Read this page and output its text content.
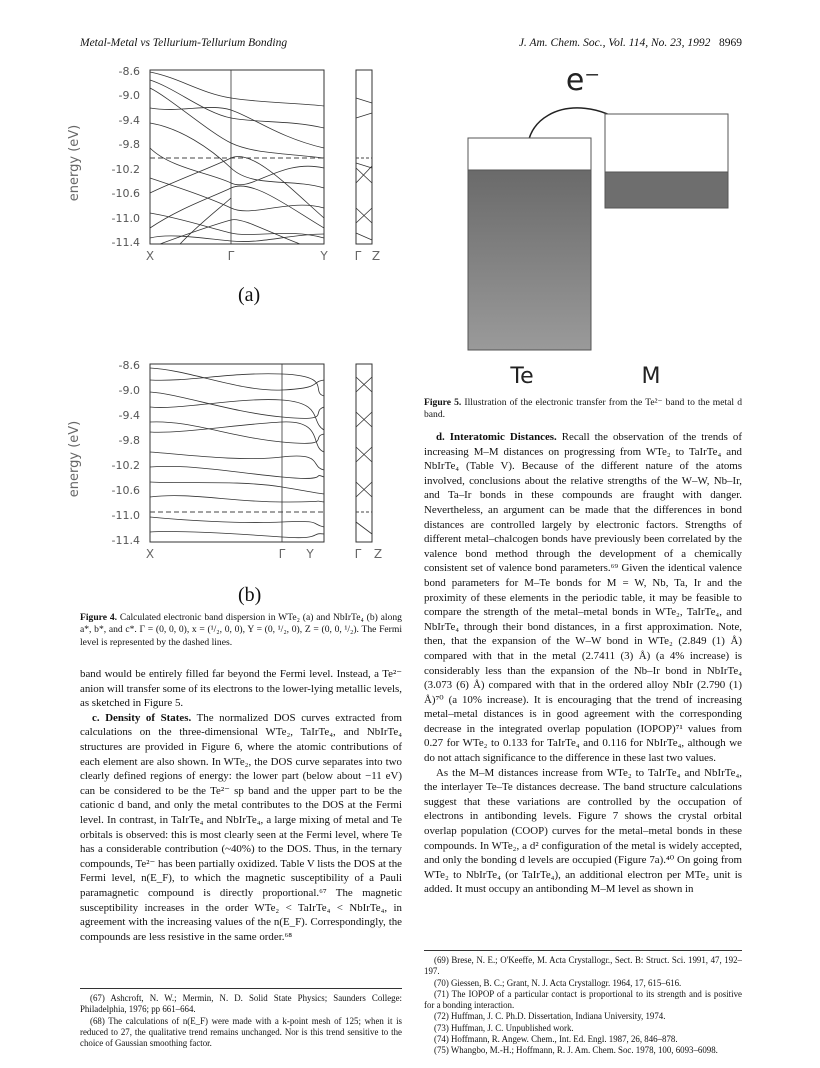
Metal-Metal vs Tellurium-Tellurium Bonding	J. Am. Chem. Soc., Vol. 114, No. 23, 1992 8969
energy (eV)
-8.6
-9.0
-9.4
-9.8
-10.2
-10.6
-11.0
-11.4
X	Γ	Y Γ Z
(a)
energy (eV)
-8.6
-9.0
-9.4
-9.8
-10.2
-10.6
-11.0
-11.4
X	Γ Y	Γ Z
(b)
Figure 4. Calculated electronic band dispersion in WTe₂ (a) and NbIrTe₄ (b) along a*, b*, and c*. Γ = (0, 0, 0), x = (¹/₂, 0, 0), Y = (0, ¹/₂, 0), Z = (0, 0, ¹/₂). The Fermi level is represented by the dashed lines.

band would be entirely filled far beyond the Fermi level. Instead, a Te²⁻ anion will transfer some of its electrons to the lower-lying metallic levels, as sketched in Figure 5.

c. Density of States. The normalized DOS curves extracted from calculations on the three-dimensional WTe₂, TaIrTe₄, and NbIrTe₄ structures are provided in Figure 6, where the atomic contributions of each element are also shown. In WTe₂, the DOS curve separates into two clearly defined regions of energy: the lower part (below about −11 eV) can be considered to be the Te²⁻ sp band and the upper part to be the cationic d band, and only the metal contributes to the DOS at the Fermi level. In contrast, in TaIrTe₄ and NbIrTe₄, a large mixing of metal and Te orbitals is observed: this is most clearly seen at the Fermi level, where Te has a considerable contribution (~40%) to the DOS. Thus, in the ternary compounds, Te²⁻ has been partially oxidized. Table V lists the DOS at the Fermi level, n(E_F), to which the magnetic susceptibility of a Pauli paramagnetic compound is directly proportional.⁶⁷ The magnetic susceptibility increases in the order WTe₂ < TaIrTe₄ < NbIrTe₄, in agreement with the increasing values of the n(E_F). Correspondingly, the compounds are less resistive in the same order.⁶⁸

(67) Ashcroft, N. W.; Mermin, N. D. Solid State Physics; Saunders College: Philadelphia, 1976; pp 661–664.

(68) The calculations of n(E_F) were made with a k-point mesh of 125; when it is reduced to 27, the qualitative trend remains unchanged. Nor is this trend sensitive to the choice of Gaussian smoothing factor.

e⁻
Te	M
Figure 5. Illustration of the electronic transfer from the Te²⁻ band to the metal d band.

d. Interatomic Distances. Recall the observation of the trends of increasing M–M distances on progressing from WTe₂ to TaIrTe₄ and NbIrTe₄ (Table V). Because of the different nature of the atoms involved, conclusions about the relative strengths of the W–W, Nb–Ir, and Ta–Ir bonds in these compounds are fraught with danger. Nevertheless, an argument can be made that the differences in bond distances are controlled largely by electronic factors. Strengths of different metal–chalcogen bonds have previously been correlated by the valence bond method through the development of a chemically consistent set of valence bond parameters.⁶⁹ Given the identical valence bond parameters for M–Te bonds for M = W, Nb, Ta, Ir and the proximity of these elements in the periodic table, it may be feasible to compare the strength of the metal–metal bonds in WTe₂, TaIrTe₄, and NbIrTe₄ through their bond distances, in a first approximation. Note, then, that the expansion of the W–W bond in WTe₂ (2.849 (1) Å) compared with that in the metal (2.7411 (3) Å) (a 4% increase) is considerably less than the expansion of the Nb–Ir bond in NbIrTe₄ (3.073 (6) Å) compared with that in the ordered alloy NbIr (2.790 (1) Å)⁷⁰ (a 10% increase). It is encouraging that the trend of increasing metal–metal distances is in good agreement with the corresponding decrease in the integrated overlap population (IOPOP)⁷¹ values from 0.27 for WTe₂ to 0.133 for TaIrTe₄ and 0.116 for NbIrTe₄, although we do not attach significance to the difference in these last two values.

As the M–M distances increase from WTe₂ to TaIrTe₄ and NbIrTe₄, the interlayer Te–Te distances decrease. The band structure calculations suggest that these variations are controlled by the occupation of electrons in antibonding levels. Figure 7 shows the crystal orbital overlap population (COOP) curves for the metal–metal bonds in these compounds. In WTe₂, a d² configuration of the metal is widely accepted, and only the bonding d levels are occupied (Figure 7a).⁴⁰ On going from WTe₂ to NbIrTe₄ (or TaIrTe₄), an additional electron per MTe₂ unit is added. It must occupy an antibonding M–M level as shown in

(69) Brese, N. E.; O'Keeffe, M. Acta Crystallogr., Sect. B: Struct. Sci. 1991, 47, 192–197.

(70) Giessen, B. C.; Grant, N. J. Acta Crystallogr. 1964, 17, 615–616.

(71) The IOPOP of a particular contact is proportional to its strength and is positive for a bonding interaction.

(72) Huffman, J. C. Ph.D. Dissertation, Indiana University, 1974.

(73) Huffman, J. C. Unpublished work.

(74) Hoffmann, R. Angew. Chem., Int. Ed. Engl. 1987, 26, 846–878.

(75) Whangbo, M.-H.; Hoffmann, R. J. Am. Chem. Soc. 1978, 100, 6093–6098.
